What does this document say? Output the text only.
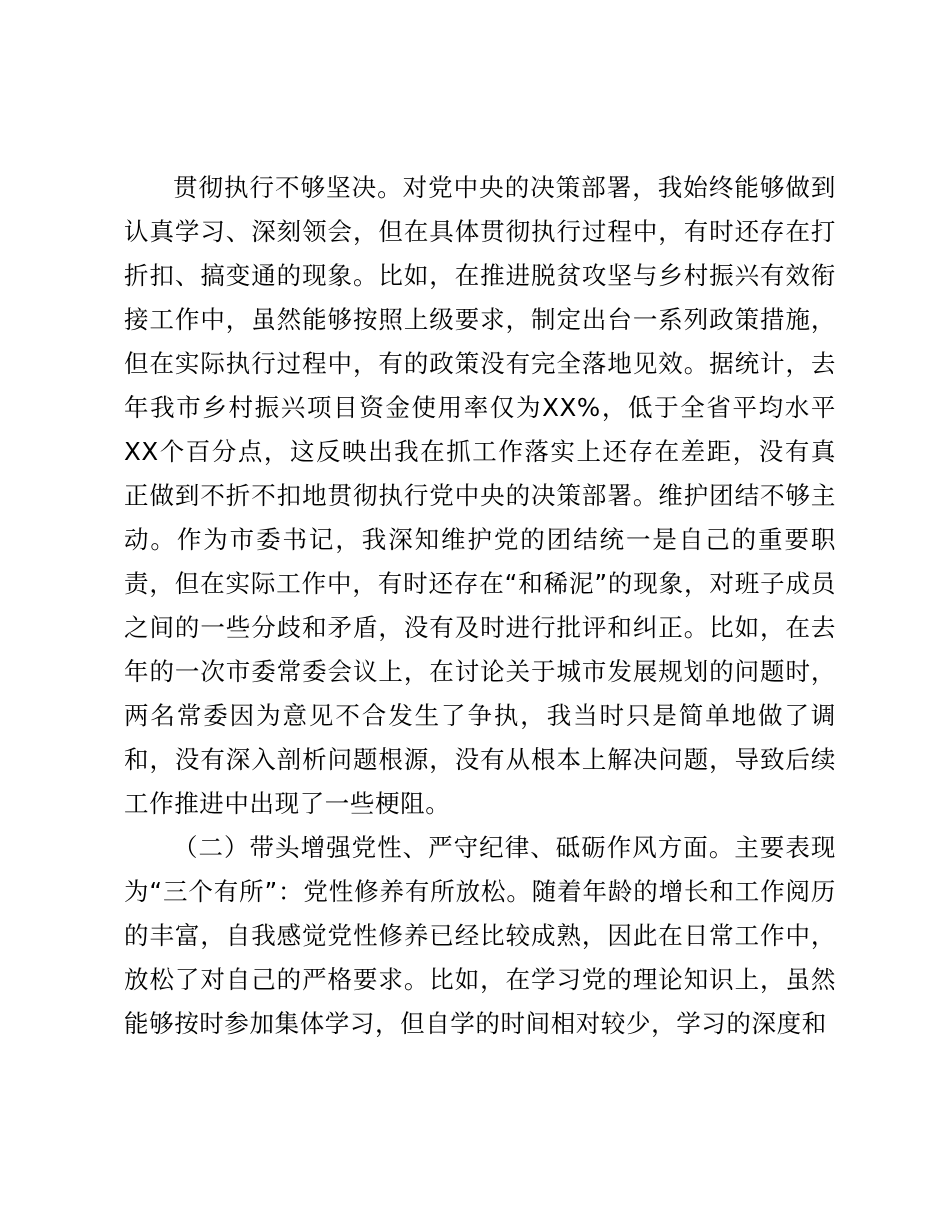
贯彻执行不够坚决。对党中央的决策部署，我始终能够做到认真学习、深刻领会，但在具体贯彻执行过程中，有时还存在打折扣、搞变通的现象。比如，在推进脱贫攻坚与乡村振兴有效衔接工作中，虽然能够按照上级要求，制定出台一系列政策措施，但在实际执行过程中，有的政策没有完全落地见效。据统计，去年我市乡村振兴项目资金使用率仅为XX%，低于全省平均水平XX个百分点，这反映出我在抓工作落实上还存在差距，没有真正做到不折不扣地贯彻执行党中央的决策部署。维护团结不够主动。作为市委书记，我深知维护党的团结统一是自己的重要职责，但在实际工作中，有时还存在“和稀泥”的现象，对班子成员之间的一些分歧和矛盾，没有及时进行批评和纠正。比如，在去年的一次市委常委会议上，在讨论关于城市发展规划的问题时，两名常委因为意见不合发生了争执，我当时只是简单地做了调和，没有深入剖析问题根源，没有从根本上解决问题，导致后续工作推进中出现了一些梗阻。

（二）带头增强党性、严守纪律、砥砺作风方面。主要表现为“三个有所”：党性修养有所放松。随着年龄的增长和工作阅历的丰富，自我感觉党性修养已经比较成熟，因此在日常工作中，放松了对自己的严格要求。比如，在学习党的理论知识上，虽然能够按时参加集体学习，但自学的时间相对较少，学习的深度和
